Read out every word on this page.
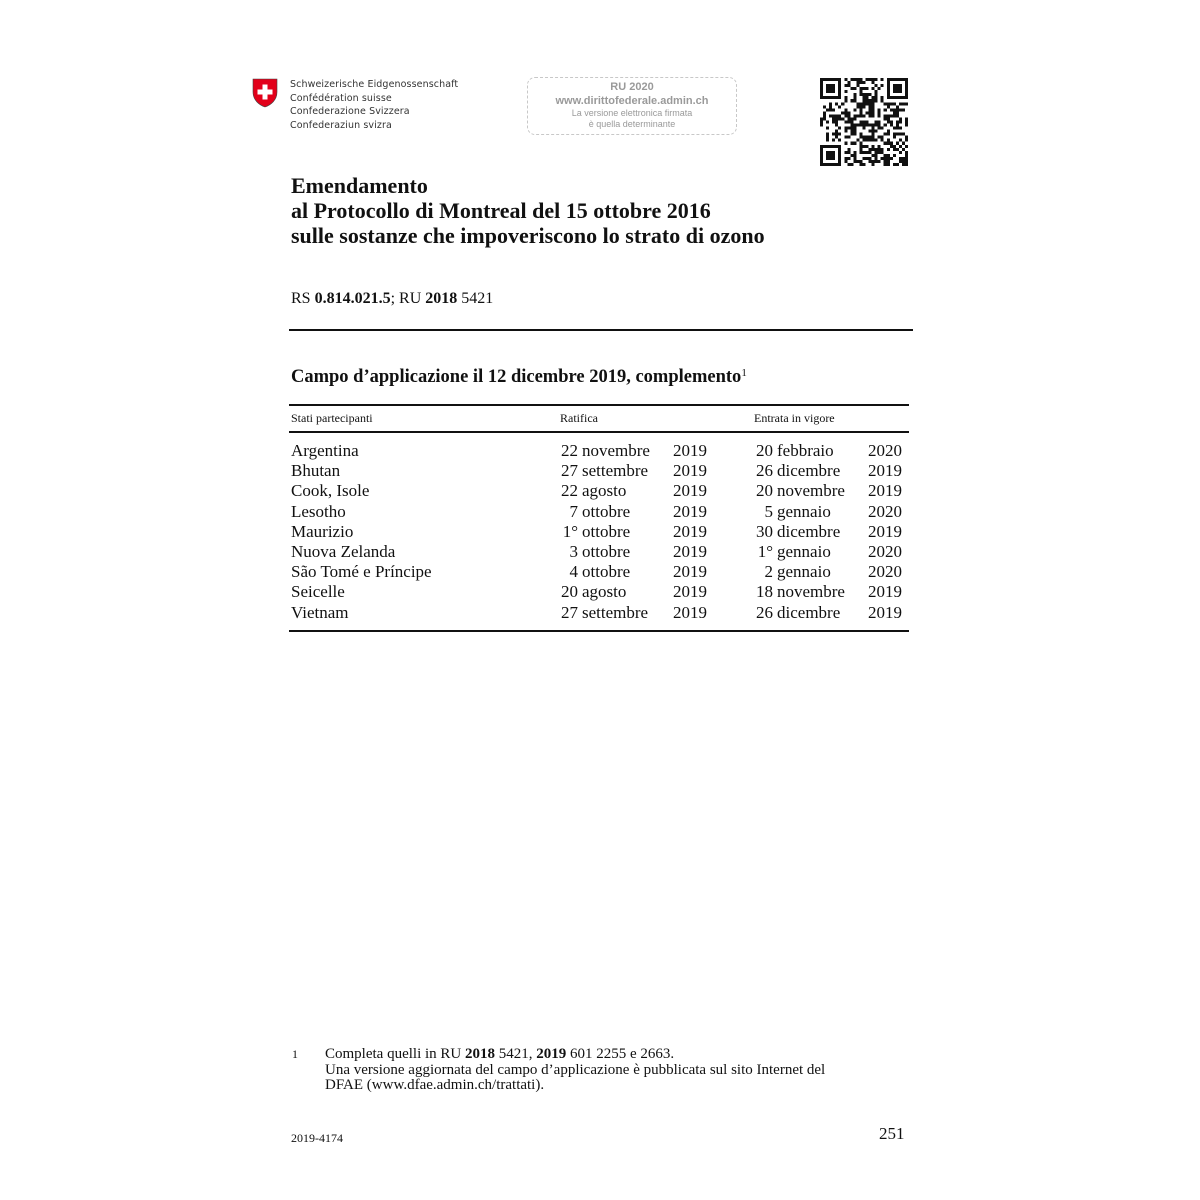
Schweizerische Eidgenossenschaft
Confédération suisse
Confederazione Svizzera
Confederaziun svizra
RU 2020
www.dirittofederale.admin.ch
La versione elettronica firmata
è quella determinante
Emendamento
al Protocollo di Montreal del 15 ottobre 2016
sulle sostanze che impoveriscono lo strato di ozono
RS 0.814.021.5; RU 2018 5421
Campo d’applicazione il 12 dicembre 2019, complemento$^1$
Stati partecipanti	Ratifica	Entrata in vigore
Argentina	22 novembre 2019	20 febbraio 2020
Bhutan	27 settembre 2019	26 dicembre 2019
Cook, Isole	22 agosto	2019	20 novembre 2019
Lesotho	7 ottobre	2019	5 gennaio 2020
Maurizio	1° ottobre	2019	30 dicembre 2019
Nuova Zelanda	3 ottobre	2019	1° gennaio 2020
São Tomé e Príncipe	4 ottobre	2019	2 gennaio 2020
Seicelle	20 agosto	2019	18 novembre 2019
Vietnam	27 settembre 2019	26 dicembre 2019
1 Completa quelli in RU 2018 5421, 2019 601 2255 e 2663.
Una versione aggiornata del campo d’applicazione è pubblicata sul sito Internet del
DFAE (www.dfae.admin.ch/trattati).
2019-4174	251
